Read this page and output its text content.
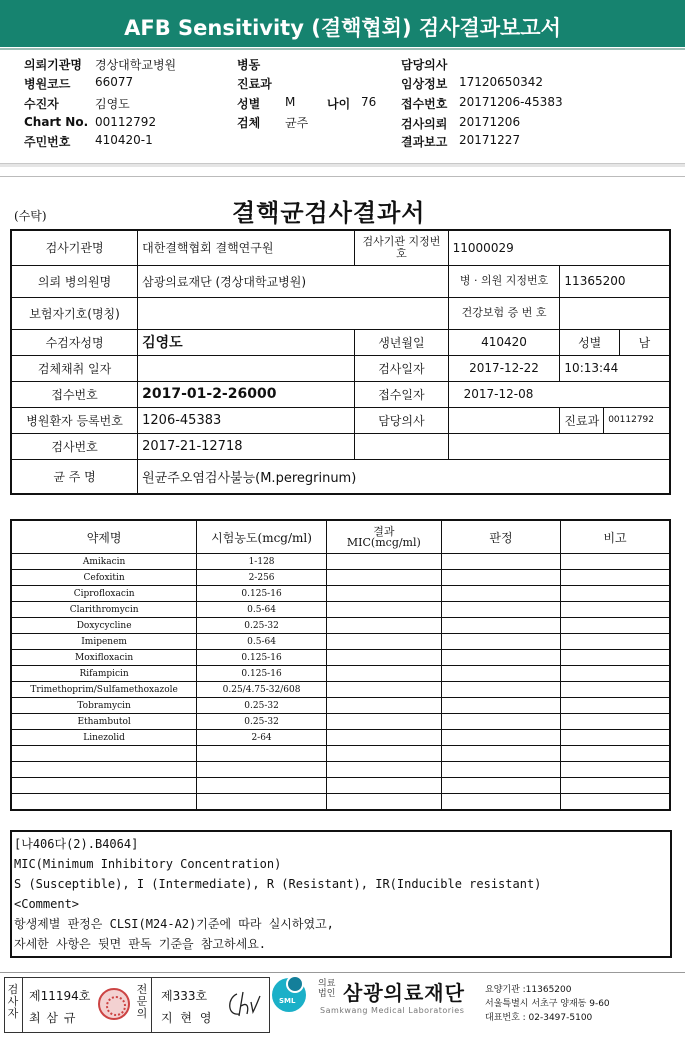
AFB Sensitivity (결핵협회) 검사결과보고서
의뢰기관명 경상대학교병원
병원코드 66077
수진자	김영도
Chart No. 00112792
주민번호 410420-1
병동
진료과
성별 M	나이 76
검체 균주
담당의사
임상정보 17120650342
접수번호 20171206-45383
검사의뢰 20171206
결과보고 20171227
(수탁)	결핵균검사결과서
검사기관명	대한결핵협회 결핵연구원	검사기관 지정번호	11000029			
의뢰 병의원명	삼광의료재단 (경상대학교병원)		병 · 의원 지정번호	11365200		
보험자기호(명칭)			건강보험 증 번 호			
수검자성명	김영도	생년월일	410420	성별		남
검체채취 일자		검사일자	2017-12-22	10:13:44		
접수번호	2017-01-2-26000	접수일자	2017-12-08			
병원환자 등록번호	1206-45383	담당의사		진료과	00112792	
검사번호	2017-21-12718					
균 주 명	원균주오염검사불능(M.peregrinum)					
약제명	시험농도(mcg/ml)	결과 MIC(mcg/ml)	판정	비고
Amikacin	1-128			
Cefoxitin	2-256			
Ciprofloxacin	0.125-16			
Clarithromycin	0.5-64			
Doxycycline	0.25-32			
Imipenem	0.5-64			
Moxifloxacin	0.125-16			
Rifampicin	0.125-16			
Trimethoprim/Sulfamethoxazole	0.25/4.75-32/608			
Tobramycin	0.25-32			
Ethambutol	0.25-32			
Linezolid	2-64			

[나406다(2).B4064]
MIC(Minimum Inhibitory Concentration)
S (Susceptible), I (Intermediate), R (Resistant), IR(Inducible resistant)
<Comment>
항생제별 판정은 CLSI(M24-A2)기준에 따라 실시하였고,
자세한 사항은 뒷면 판독 기준을 참고하세요.
검사자
제11194호
최 삼 규
전문의
제333호
지 현 영
SML
의료 법인 삼광의료재단
Samkwang Medical Laboratories
요양기관 :11365200
서울특별시 서초구 양재동 9-60
대표번호 : 02-3497-5100
